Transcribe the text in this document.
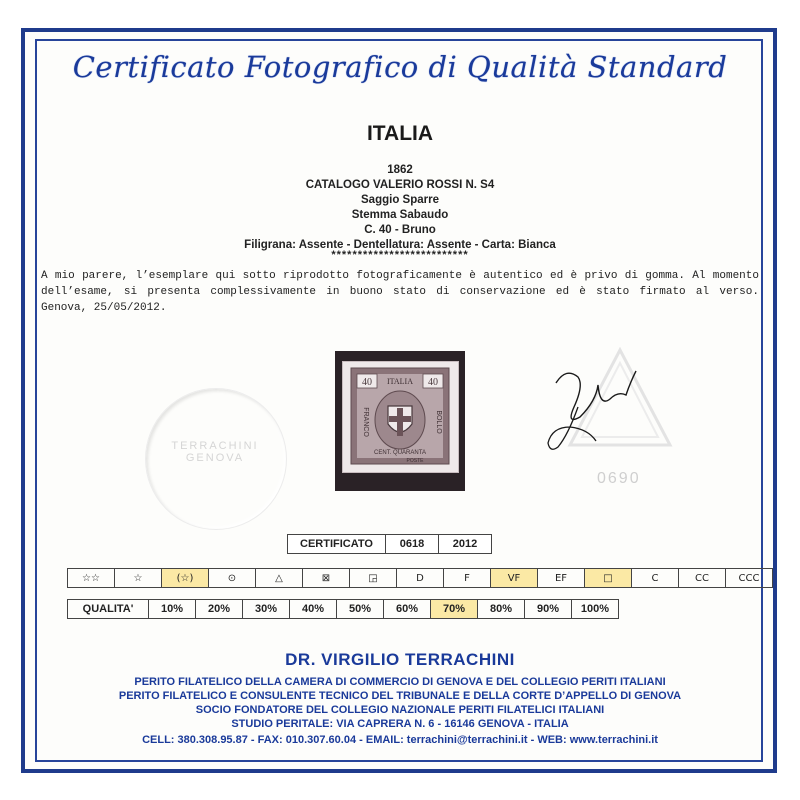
Certificato Fotografico di Qualità Standard
ITALIA
1862
CATALOGO VALERIO ROSSI N. S4
Saggio Sparre
Stemma Sabaudo
C. 40 - Bruno
Filigrana: Assente - Dentellatura: Assente - Carta: Bianca
**************************
A mio parere, l’esemplare qui sotto riprodotto fotograficamente è autentico ed è privo di gomma. Al momento dell’esame, si presenta complessivamente in buono stato di conservazione ed è stato firmato al verso. Genova, 25/05/2012.
TERRACHINI GENOVA
0690
40	40
ITALIA
FRANCO	BOLLO
CENT. QUARANTA
POSTE
CERTIFICATO	0618	2012
☆☆	☆	(☆)	⊙	△	⊠	◲	D	F	VF	EF	□	C	CC	CCC
QUALITA'	10%	20%	30%	40%	50%	60%	70%	80%	90%	100%
DR. VIRGILIO TERRACHINI
PERITO FILATELICO DELLA CAMERA DI COMMERCIO DI GENOVA E DEL COLLEGIO PERITI ITALIANI
PERITO FILATELICO E CONSULENTE TECNICO DEL TRIBUNALE E DELLA CORTE D’APPELLO DI GENOVA
SOCIO FONDATORE DEL COLLEGIO NAZIONALE PERITI FILATELICI ITALIANI
STUDIO PERITALE: VIA CAPRERA N. 6 - 16146 GENOVA - ITALIA
CELL: 380.308.95.87 - FAX: 010.307.60.04 - EMAIL: terrachini@terrachini.it - WEB: www.terrachini.it
